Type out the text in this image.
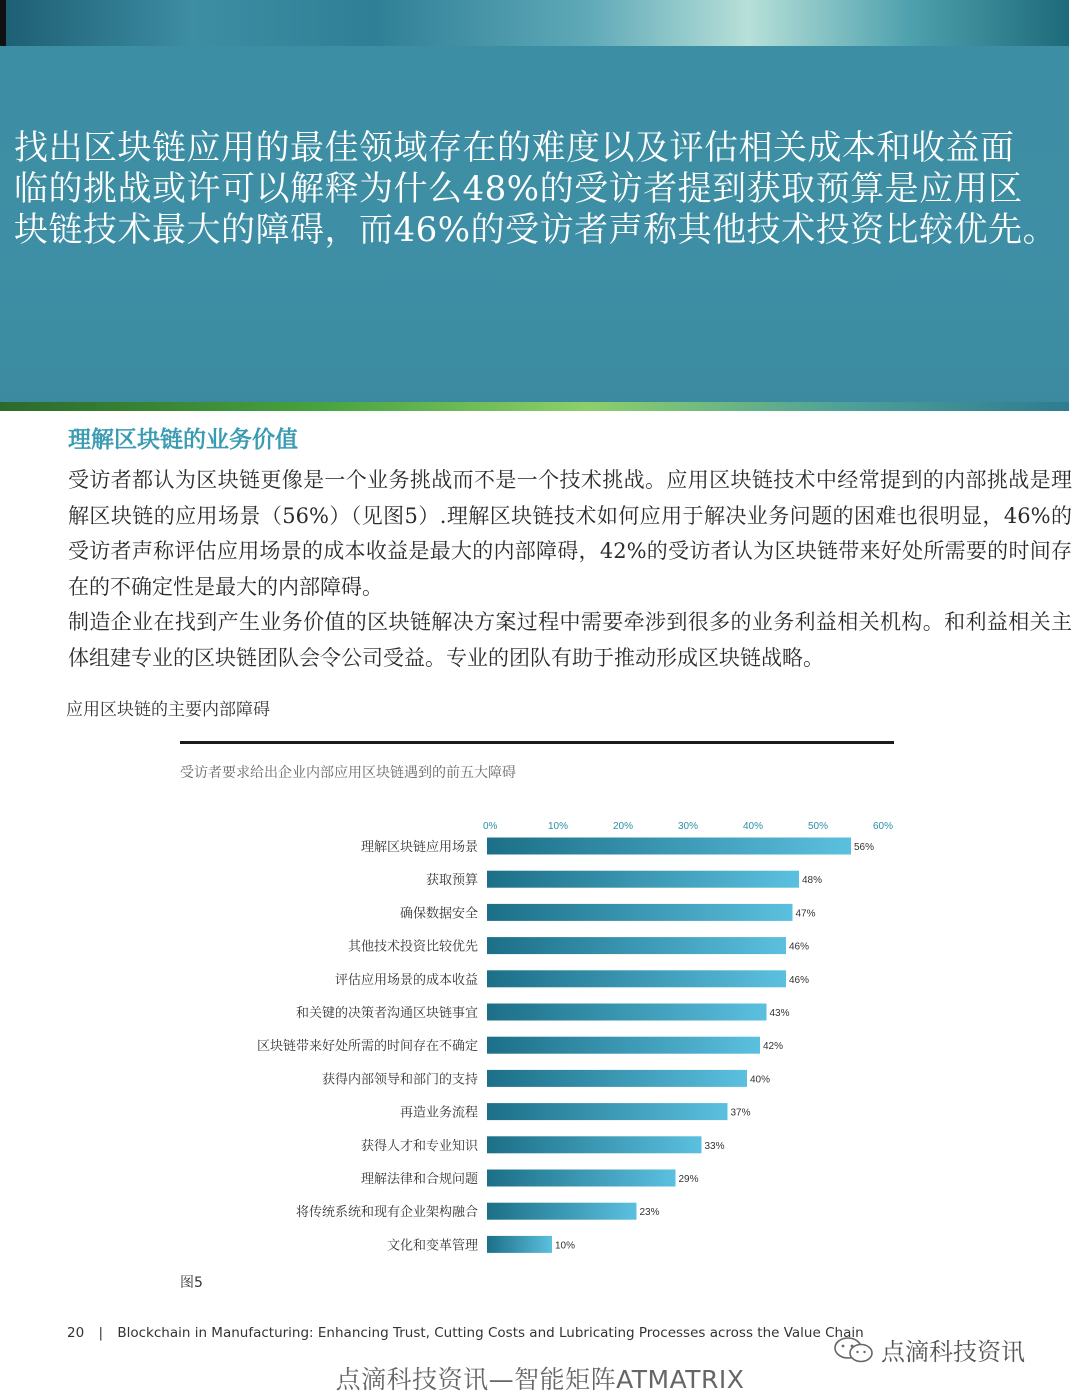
找出区块链应用的最佳领域存在的难度以及评估相关成本和收益面
临的挑战或许可以解释为什么48%的受访者提到获取预算是应用区
块链技术最大的障碍，而46%的受访者声称其他技术投资比较优先。
理解区块链的业务价值

受访者都认为区块链更像是一个业务挑战而不是一个技术挑战。应用区块链技术中经常提到的内部挑战是理解区块链的应用场景（56%）（见图5）.理解区块链技术如何应用于解决业务问题的困难也很明显，46%的受访者声称评估应用场景的成本收益是最大的内部障碍，42%的受访者认为区块链带来好处所需要的时间存在的不确定性是最大的内部障碍。

制造企业在找到产生业务价值的区块链解决方案过程中需要牵涉到很多的业务利益相关机构。和利益相关主体组建专业的区块链团队会令公司受益。专业的团队有助于推动形成区块链战略。

应用区块链的主要内部障碍
受访者要求给出企业内部应用区块链遇到的前五大障碍
0%	10%	20%	30%	40%	50%	60%
理解区块链应用场景	56%
获取预算	48%
确保数据安全	47%
其他技术投资比较优先	46%
评估应用场景的成本收益	46%
和关键的决策者沟通区块链事宜	43%
区块链带来好处所需的时间存在不确定	42%
获得内部领导和部门的支持	40%
再造业务流程	37%
获得人才和专业知识	33%
理解法律和合规问题	29%
将传统系统和现有企业架构融合	23%
文化和变革管理	10%
图5
20 | Blockchain in Manufacturing: Enhancing Trust, Cutting Costs and Lubricating Processes across the Value Chain
点滴科技资讯
点滴科技资讯—智能矩阵ATMATRIX
